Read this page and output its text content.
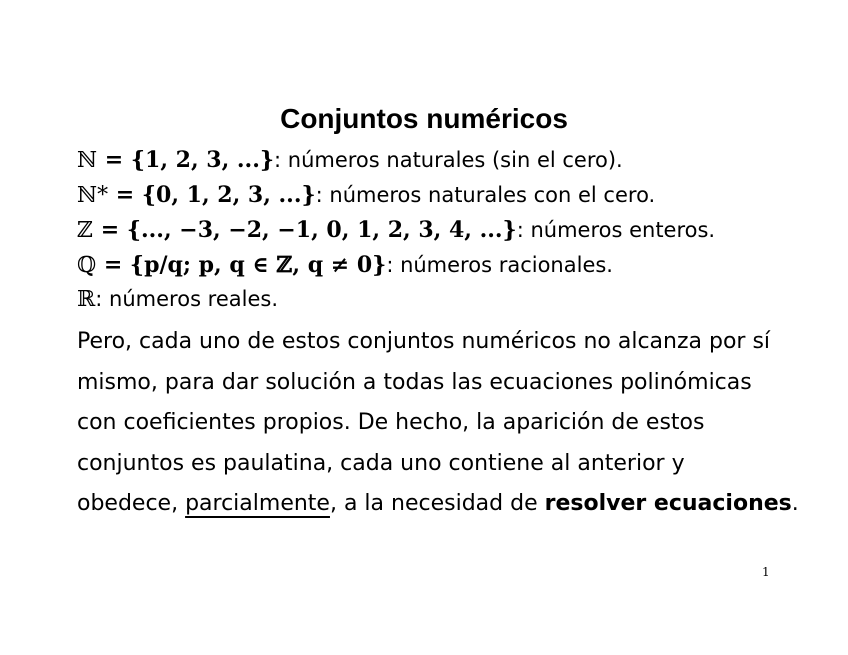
Conjuntos numéricos
ℕ = {1, 2, 3, ...}: números naturales (sin el cero).
ℕ* = {0, 1, 2, 3, ...}: números naturales con el cero.
ℤ = {..., −3, −2, −1, 0, 1, 2, 3, 4, ...}: números enteros.
ℚ = {p/q; p, q ∈ ℤ, q ≠ 0}: números racionales.
ℝ: números reales.
Pero, cada uno de estos conjuntos numéricos no alcanza por sí
mismo, para dar solución a todas las ecuaciones polinómicas
con coeficientes propios. De hecho, la aparición de estos
conjuntos es paulatina, cada uno contiene al anterior y
obedece, parcialmente, a la necesidad de resolver ecuaciones.
1
